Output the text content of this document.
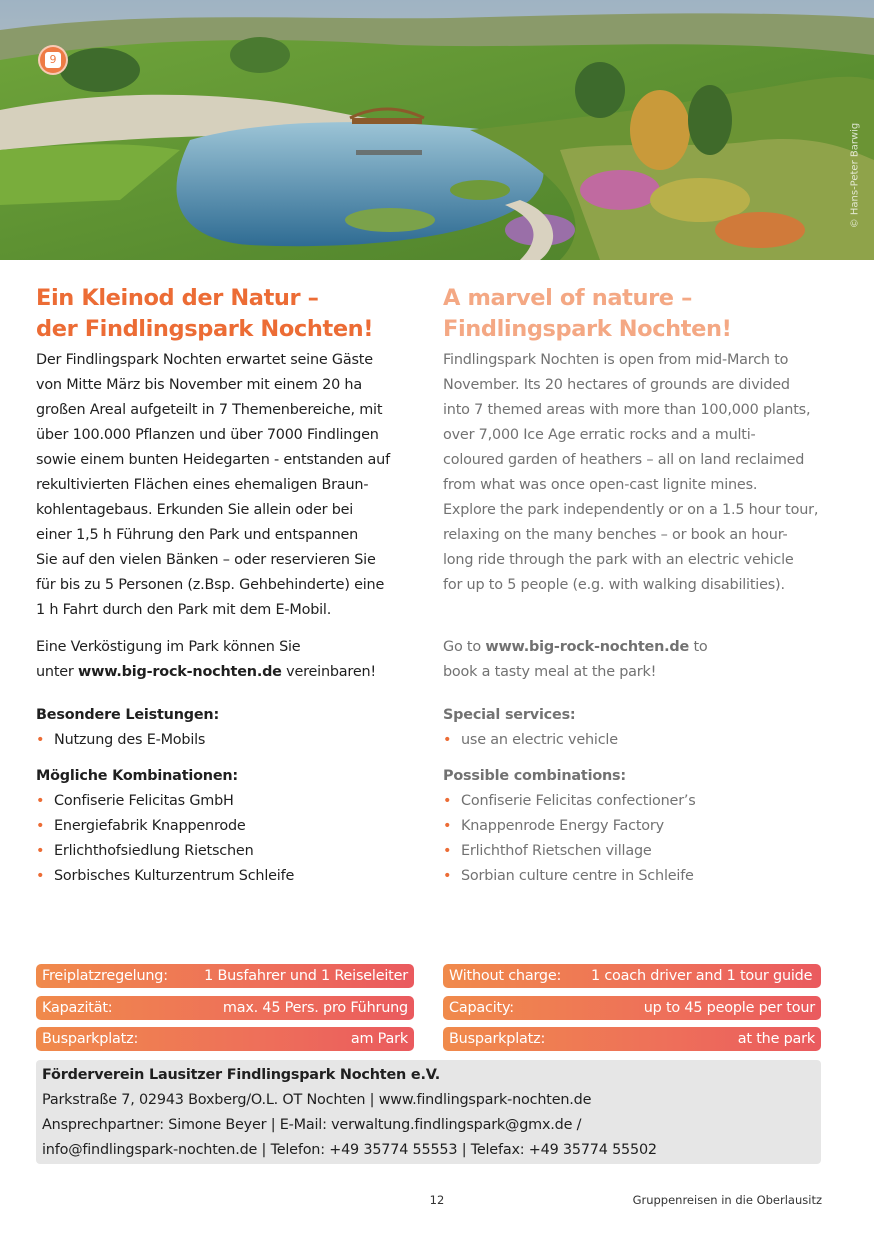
9
© Hans-Peter Barwig
Ein Kleinod der Natur –
der Findlingspark Nochten!
Der Findlingspark Nochten erwartet seine Gäste
von Mitte März bis November mit einem 20 ha
großen Areal aufgeteilt in 7 Themenbereiche, mit
über 100.000 Pflanzen und über 7000 Findlingen
sowie einem bunten Heidegarten - entstanden auf
rekultivierten Flächen eines ehemaligen Braun-
kohlentagebaus. Erkunden Sie allein oder bei
einer 1,5 h Führung den Park und entspannen
Sie auf den vielen Bänken – oder reservieren Sie
für bis zu 5 Personen (z.Bsp. Gehbehinderte) eine
1 h Fahrt durch den Park mit dem E-Mobil.
Eine Verköstigung im Park können Sie
unter www.big-rock-nochten.de vereinbaren!
Besondere Leistungen:
• Nutzung des E-Mobils
Mögliche Kombinationen:
• Confiserie Felicitas GmbH
• Energiefabrik Knappenrode
• Erlichthofsiedlung Rietschen
• Sorbisches Kulturzentrum Schleife
A marvel of nature –
Findlingspark Nochten!
Findlingspark Nochten is open from mid-March to
November. Its 20 hectares of grounds are divided
into 7 themed areas with more than 100,000 plants,
over 7,000 Ice Age erratic rocks and a multi-
coloured garden of heathers – all on land reclaimed
from what was once open-cast lignite mines.
Explore the park independently or on a 1.5 hour tour,
relaxing on the many benches – or book an hour-
long ride through the park with an electric vehicle
for up to 5 people (e.g. with walking disabilities).
Go to www.big-rock-nochten.de to
book a tasty meal at the park!
Special services:
• use an electric vehicle
Possible combinations:
• Confiserie Felicitas confectioner’s
• Knappenrode Energy Factory
• Erlichthof Rietschen village
• Sorbian culture centre in Schleife
Freiplatzregelung:	1 Busfahrer und 1 Reiseleiter
Kapazität:	max. 45 Pers. pro Führung
Busparkplatz:	am Park
Without charge:	1 coach driver and 1 tour guide
Capacity:	up to 45 people per tour
Busparkplatz:	at the park
Förderverein Lausitzer Findlingspark Nochten e.V.
Parkstraße 7, 02943 Boxberg/O.L. OT Nochten | www.findlingspark-nochten.de
Ansprechpartner: Simone Beyer | E-Mail: verwaltung.findlingspark@gmx.de /
info@findlingspark-nochten.de | Telefon: +49 35774 55553 | Telefax: +49 35774 55502
12	Gruppenreisen in die Oberlausitz
